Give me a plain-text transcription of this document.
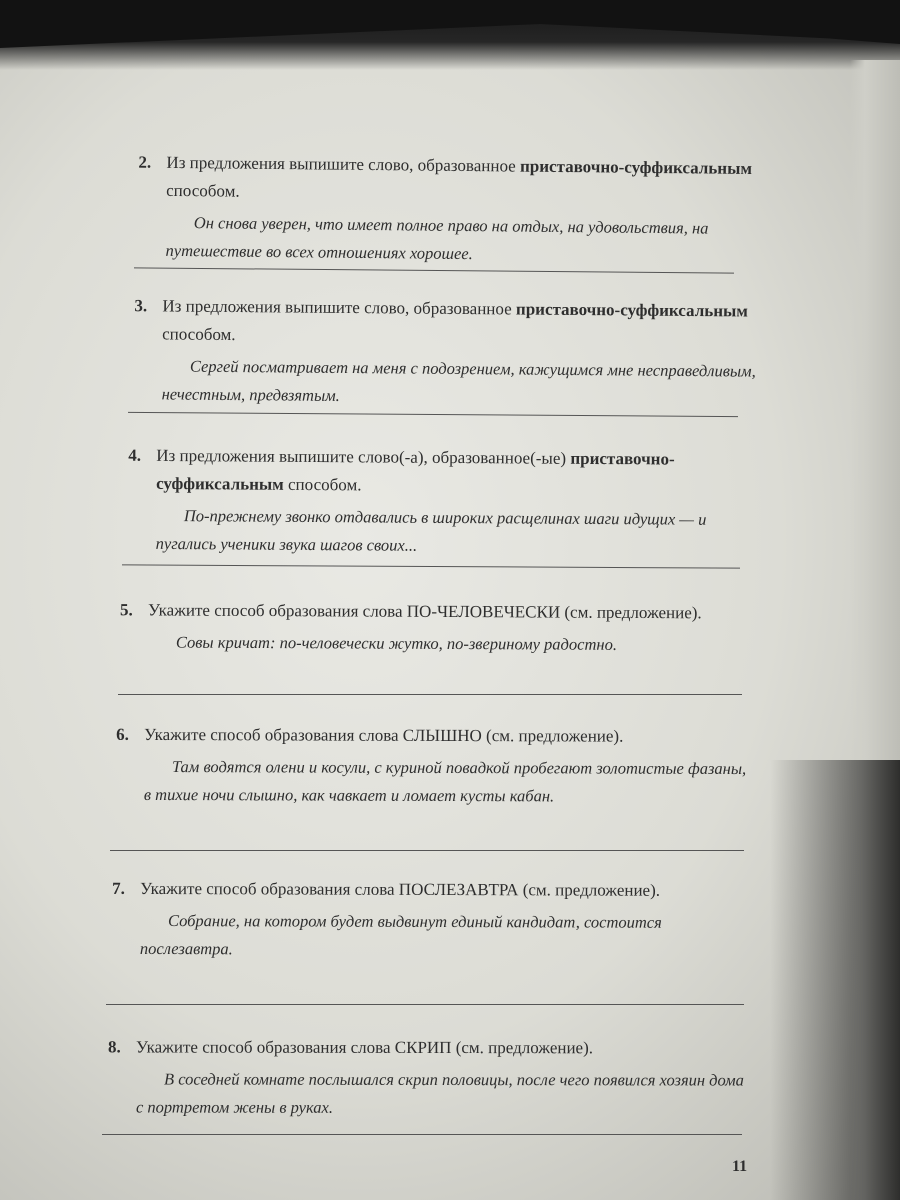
2. Из предложения выпишите слово, образованное приставочно-суффиксальным способом.

Он снова уверен, что имеет полное право на отдых, на удовольствия, на путешествие во всех отношениях хорошее.

3. Из предложения выпишите слово, образованное приставочно-суффиксальным способом.

Сергей посматривает на меня с подозрением, кажущимся мне несправедливым, нечестным, предвзятым.

4. Из предложения выпишите слово(-а), образованное(-ые) приставочно-суффиксальным способом.

По-прежнему звонко отдавались в широких расщелинах шаги идущих — и пугались ученики звука шагов своих...

5. Укажите способ образования слова ПО-ЧЕЛОВЕЧЕСКИ (см. предложение).

Совы кричат: по-человечески жутко, по-звериному радостно.

6. Укажите способ образования слова СЛЫШНО (см. предложение).

Там водятся олени и косули, с куриной повадкой пробегают золотистые фазаны, в тихие ночи слышно, как чавкает и ломает кусты кабан.

7. Укажите способ образования слова ПОСЛЕЗАВТРА (см. предложение).

Собрание, на котором будет выдвинут единый кандидат, состоится послезавтра.

8. Укажите способ образования слова СКРИП (см. предложение).

В соседней комнате послышался скрип половицы, после чего появился хозяин дома с портретом жены в руках.

11
